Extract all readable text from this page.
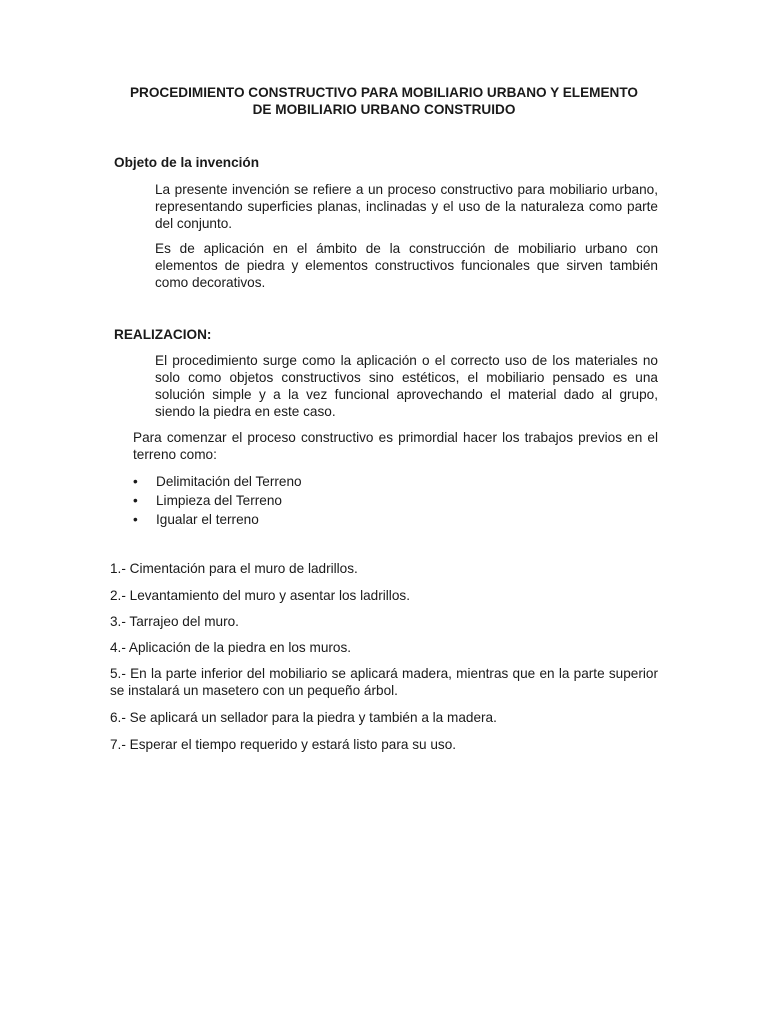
PROCEDIMIENTO CONSTRUCTIVO PARA MOBILIARIO URBANO Y ELEMENTO
DE MOBILIARIO URBANO CONSTRUIDO
Objeto de la invención
La presente invención se refiere a un proceso constructivo para mobiliario urbano, representando superficies planas, inclinadas y el uso de la naturaleza como parte del conjunto.
Es de aplicación en el ámbito de la construcción de mobiliario urbano con elementos de piedra y elementos constructivos funcionales que sirven también como decorativos.
REALIZACION:
El procedimiento surge como la aplicación o el correcto uso de los materiales no solo como objetos constructivos sino estéticos, el mobiliario pensado es una solución simple y a la vez funcional aprovechando el material dado al grupo, siendo la piedra en este caso.
Para comenzar el proceso constructivo es primordial hacer los trabajos previos en el terreno como:
• Delimitación del Terreno
• Limpieza del Terreno
• Igualar el terreno
1.- Cimentación para el muro de ladrillos.
2.- Levantamiento del muro y asentar los ladrillos.
3.- Tarrajeo del muro.
4.- Aplicación de la piedra en los muros.
5.- En la parte inferior del mobiliario se aplicará madera, mientras que en la parte superior se instalará un masetero con un pequeño árbol.
6.- Se aplicará un sellador para la piedra y también a la madera.
7.- Esperar el tiempo requerido y estará listo para su uso.
